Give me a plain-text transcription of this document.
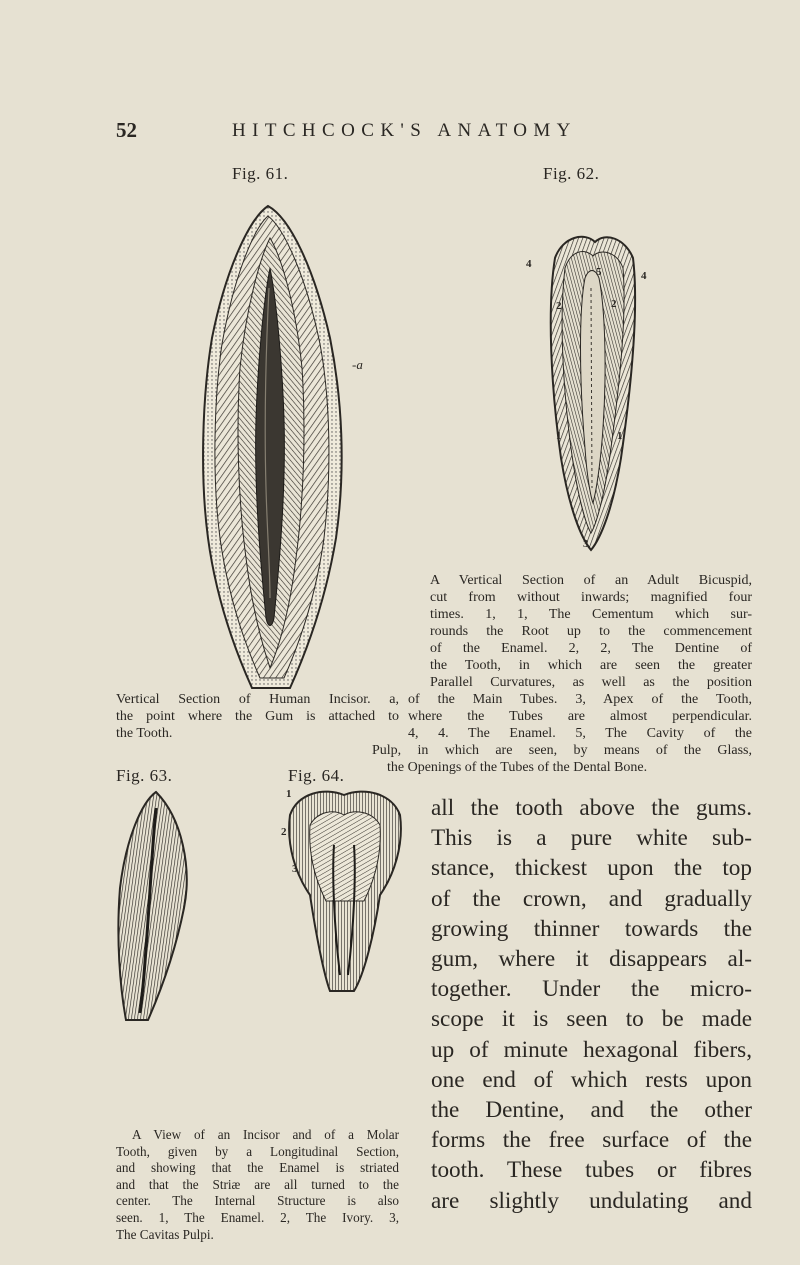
52	HITCHCOCK'S ANATOMY
Fig. 61.	Fig. 62.
-a
4
4
5
2	2
1	1
3
A Vertical Section of an Adult Bicuspid,
cut from without inwards; magnified four
times. 1, 1, The Cementum which sur-
rounds the Root up to the commencement
of the Enamel. 2, 2, The Dentine of
the Tooth, in which are seen the greater
Parallel Curvatures, as well as the position
of the Main Tubes. 3, Apex of the Tooth,
where the Tubes are almost perpendicular.
4, 4. The Enamel. 5, The Cavity of the
Pulp, in which are seen, by means of the Glass,
the Openings of the Tubes of the Dental Bone.
Vertical Section of Human Incisor. a,
the point where the Gum is attached to
the Tooth.
Fig. 63.	Fig. 64.
1
2
3
A View of an Incisor and of a Molar
Tooth, given by a Longitudinal Section,
and showing that the Enamel is striated
and that the Striæ are all turned to the
center. The Internal Structure is also
seen. 1, The Enamel. 2, The Ivory. 3,
The Cavitas Pulpi.
all the tooth above the gums.
This is a pure white sub-
stance, thickest upon the top
of the crown, and gradually
growing thinner towards the
gum, where it disappears al-
together. Under the micro-
scope it is seen to be made
up of minute hexagonal fibers,
one end of which rests upon
the Dentine, and the other
forms the free surface of the
tooth. These tubes or fibres
are slightly undulating and
